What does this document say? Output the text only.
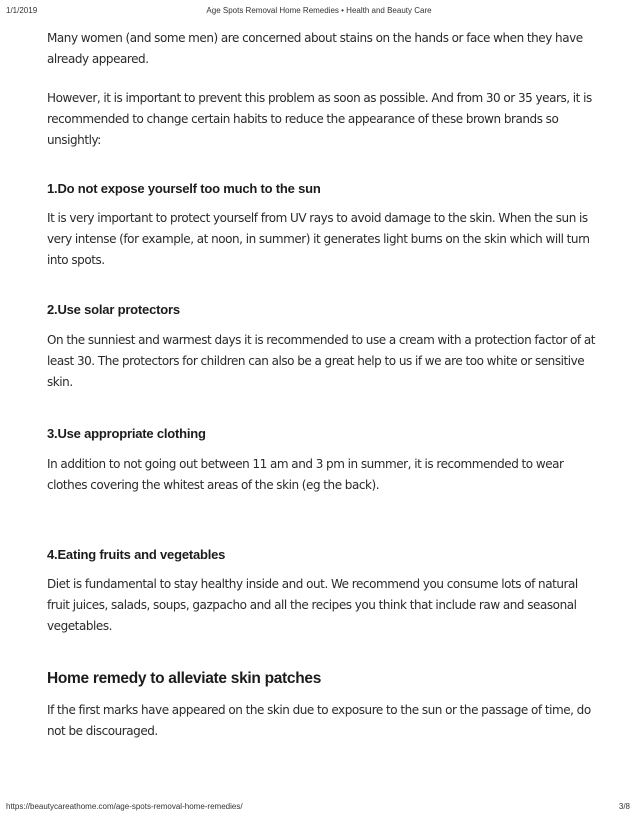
1/1/2019	Age Spots Removal Home Remedies • Health and Beauty Care

Many women (and some men) are concerned about stains on the hands or face when they have already appeared.

However, it is important to prevent this problem as soon as possible. And from 30 or 35 years, it is recommended to change certain habits to reduce the appearance of these brown brands so unsightly:

1.Do not expose yourself too much to the sun

It is very important to protect yourself from UV rays to avoid damage to the skin. When the sun is very intense (for example, at noon, in summer) it generates light burns on the skin which will turn into spots.

2.Use solar protectors

On the sunniest and warmest days it is recommended to use a cream with a protection factor of at least 30. The protectors for children can also be a great help to us if we are too white or sensitive skin.

3.Use appropriate clothing

In addition to not going out between 11 am and 3 pm in summer, it is recommended to wear clothes covering the whitest areas of the skin (eg the back).

4.Eating fruits and vegetables

Diet is fundamental to stay healthy inside and out. We recommend you consume lots of natural fruit juices, salads, soups, gazpacho and all the recipes you think that include raw and seasonal vegetables.

Home remedy to alleviate skin patches

If the first marks have appeared on the skin due to exposure to the sun or the passage of time, do not be discouraged.

https://beautycareathome.com/age-spots-removal-home-remedies/	3/8
